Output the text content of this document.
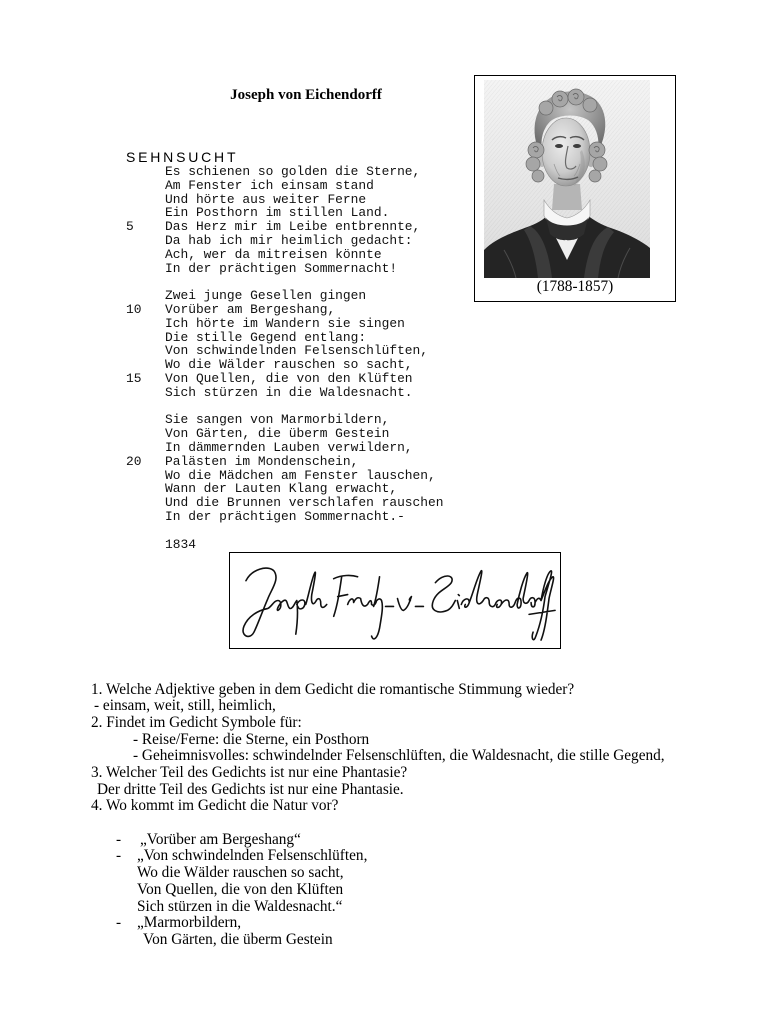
Joseph von Eichendorff
(1788-1857)
SEHNSUCHT
Es schienen so golden die Sterne,
Am Fenster ich einsam stand
Und hörte aus weiter Ferne
Ein Posthorn im stillen Land.
5 Das Herz mir im Leibe entbrennte,
Da hab ich mir heimlich gedacht:
Ach, wer da mitreisen könnte
In der prächtigen Sommernacht!
Zwei junge Gesellen gingen
10 Vorüber am Bergeshang,
Ich hörte im Wandern sie singen
Die stille Gegend entlang:
Von schwindelnden Felsenschlüften,
Wo die Wälder rauschen so sacht,
15 Von Quellen, die von den Klüften
Sich stürzen in die Waldesnacht.
Sie sangen von Marmorbildern,
Von Gärten, die überm Gestein
In dämmernden Lauben verwildern,
20 Palästen im Mondenschein,
Wo die Mädchen am Fenster lauschen,
Wann der Lauten Klang erwacht,
Und die Brunnen verschlafen rauschen
In der prächtigen Sommernacht.-
1834
1. Welche Adjektive geben in dem Gedicht die romantische Stimmung wieder?
- einsam, weit, still, heimlich,
2. Findet im Gedicht Symbole für:
- Reise/Ferne: die Sterne, ein Posthorn
- Geheimnisvolles: schwindelnder Felsenschlüften, die Waldesnacht, die stille Gegend,
3. Welcher Teil des Gedichts ist nur eine Phantasie?
Der dritte Teil des Gedichts ist nur eine Phantasie.
4. Wo kommt im Gedicht die Natur vor?

-

„Vorüber am Bergeshang“

-

„Von schwindelnden Felsenschlüften,

Wo die Wälder rauschen so sacht,
Von Quellen, die von den Klüften
Sich stürzen in die Waldesnacht.“

-

„Marmorbildern,

Von Gärten, die überm Gestein
